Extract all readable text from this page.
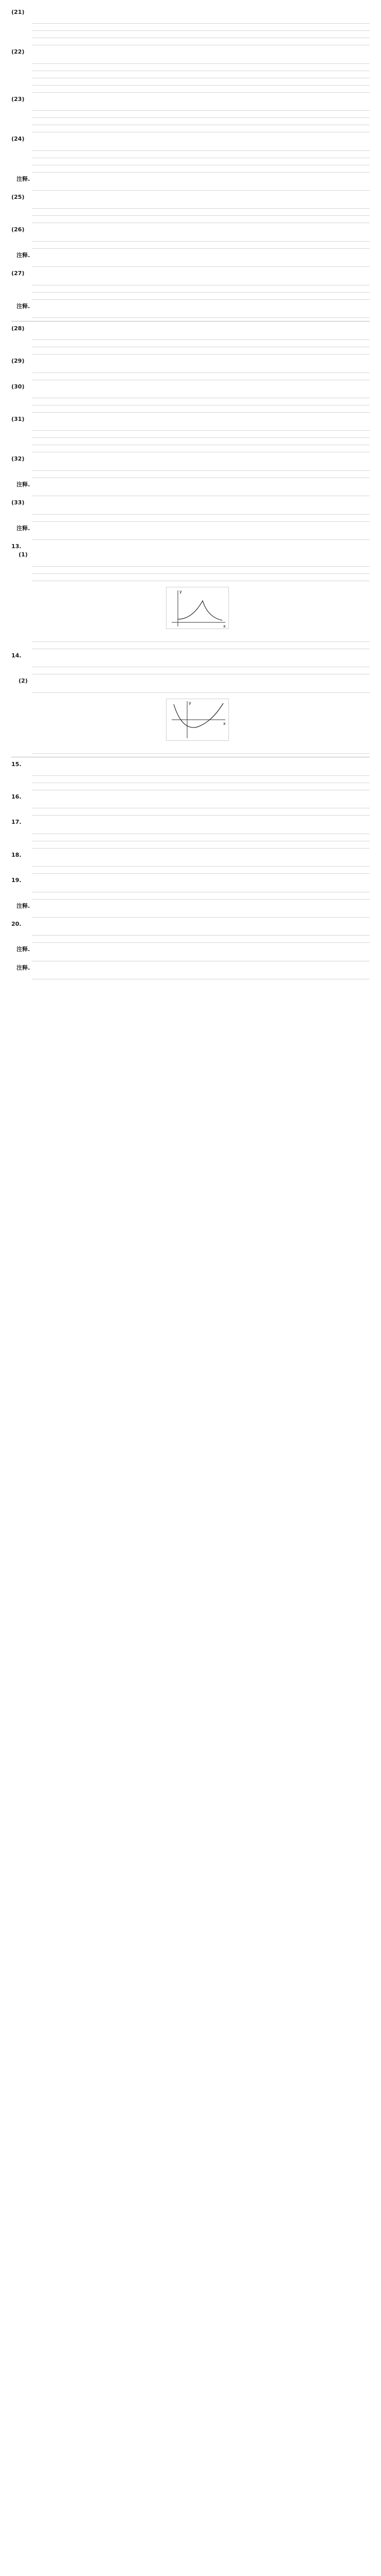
(21)

(22)

(23)

(24)

注释.

(25)

(26)

注释.

(27)

注释.

(28)

(29)

(30)

(31)

(32)

注释.

(33)

注释.

13.

(1)

x
y

14.

(2)

x
y

15.

16.

17.

18.

19.

注释.

20.

注释.

注释.
